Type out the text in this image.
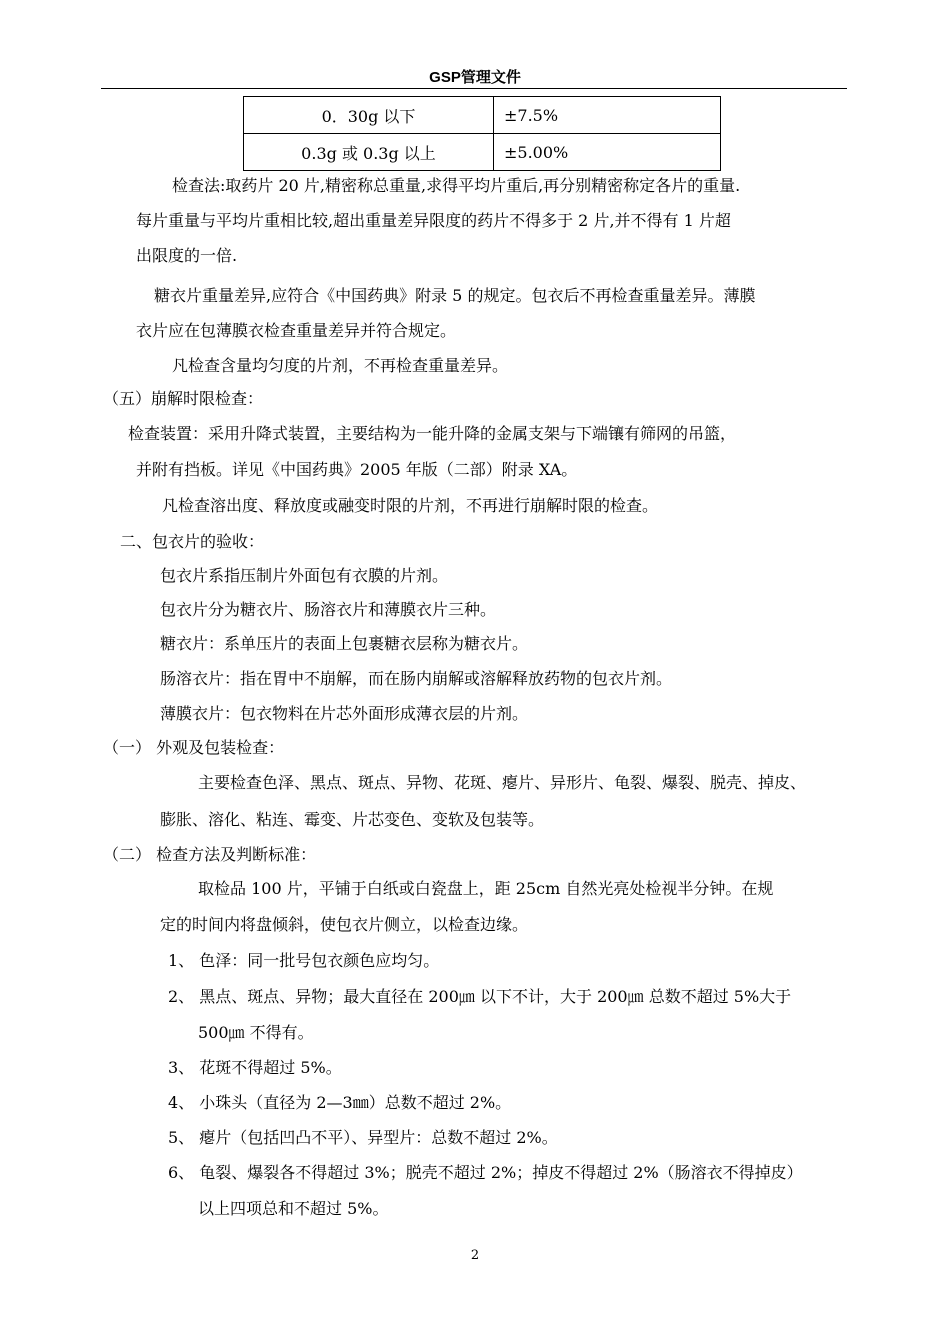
GSP管理文件
0．30g 以下	±7.5%
0.3g 或 0.3g 以上	±5.00%
检查法:取药片 20 片,精密称总重量,求得平均片重后,再分别精密称定各片的重量.
每片重量与平均片重相比较,超出重量差异限度的药片不得多于 2 片,并不得有 1 片超
出限度的一倍.
糖衣片重量差异,应符合《中国药典》附录 5 的规定。包衣后不再检查重量差异。薄膜
衣片应在包薄膜衣检查重量差异并符合规定。
凡检查含量均匀度的片剂，不再检查重量差异。
（五）崩解时限检查：
检查装置：采用升降式装置，主要结构为一能升降的金属支架与下端镶有筛网的吊篮，
并附有挡板。详见《中国药典》2005 年版（二部）附录 XA。
凡检查溶出度、释放度或融变时限的片剂，不再进行崩解时限的检查。
二、包衣片的验收：
包衣片系指压制片外面包有衣膜的片剂。
包衣片分为糖衣片、肠溶衣片和薄膜衣片三种。
糖衣片：系单压片的表面上包裹糖衣层称为糖衣片。
肠溶衣片：指在胃中不崩解，而在肠内崩解或溶解释放药物的包衣片剂。
薄膜衣片：包衣物料在片芯外面形成薄衣层的片剂。
（一） 外观及包装检查：
主要检查色泽、黑点、斑点、异物、花斑、瘪片、异形片、龟裂、爆裂、脱壳、掉皮、
膨胀、溶化、粘连、霉变、片芯变色、变软及包装等。
（二） 检查方法及判断标准：
取检品 100 片，平铺于白纸或白瓷盘上，距 25cm 自然光亮处检视半分钟。在规
定的时间内将盘倾斜，使包衣片侧立，以检查边缘。
1、 色泽：同一批号包衣颜色应均匀。
2、 黑点、斑点、异物；最大直径在 200㎛ 以下不计，大于 200㎛ 总数不超过 5%大于
500㎛ 不得有。
3、 花斑不得超过 5%。
4、 小珠头（直径为 2—3㎜）总数不超过 2%。
5、 瘪片（包括凹凸不平）、异型片：总数不超过 2%。
6、 龟裂、爆裂各不得超过 3%；脱壳不超过 2%；掉皮不得超过 2%（肠溶衣不得掉皮）
以上四项总和不超过 5%。
2
